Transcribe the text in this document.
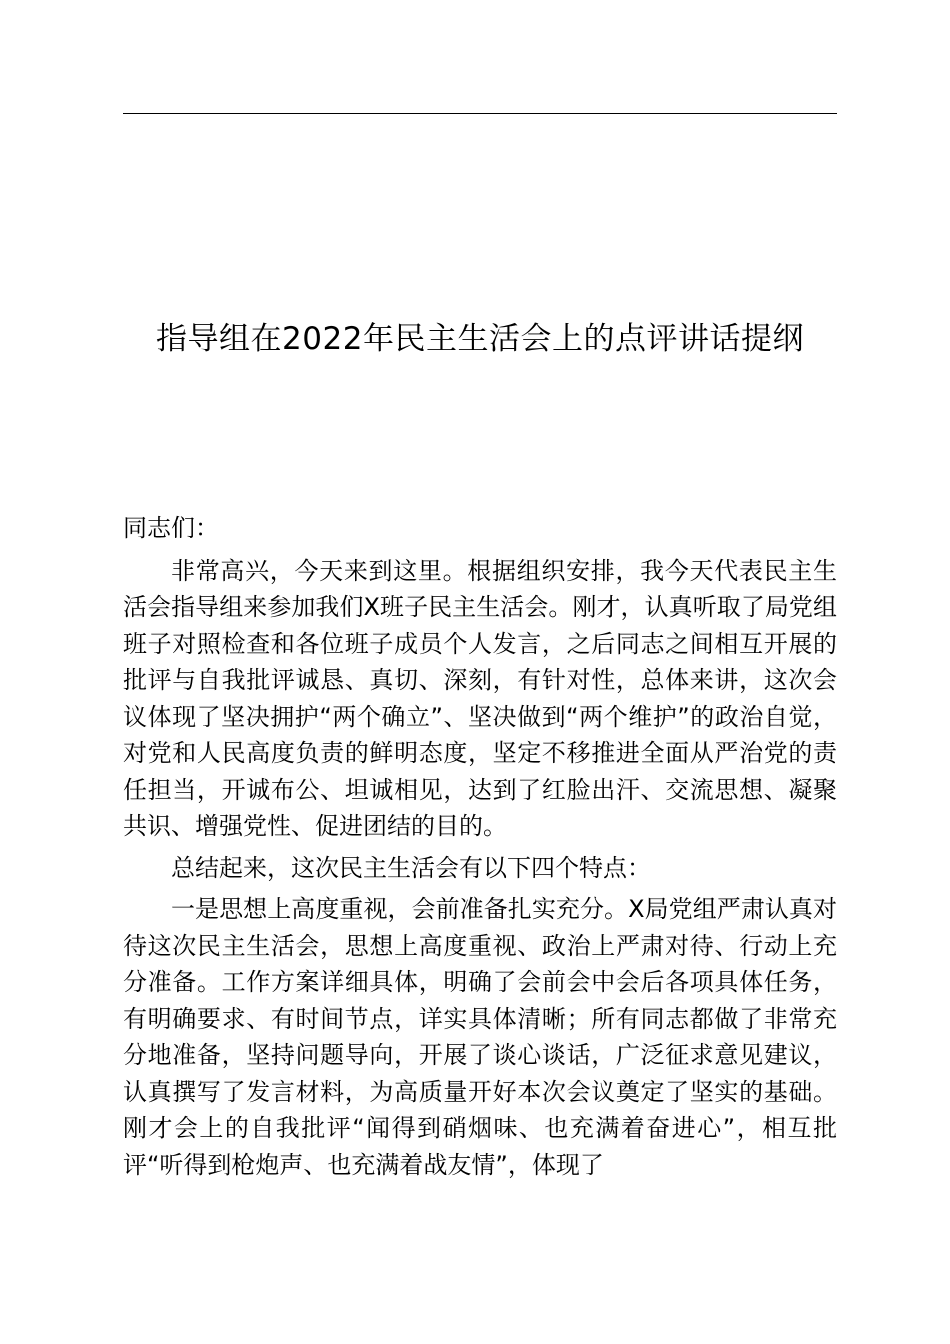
指导组在2022年民主生活会上的点评讲话提纲

同志们：

非常高兴，今天来到这里。根据组织安排，我今天代表民主生活会指导组来参加我们X班子民主生活会。刚才，认真听取了局党组班子对照检查和各位班子成员个人发言，之后同志之间相互开展的批评与自我批评诚恳、真切、深刻，有针对性，总体来讲，这次会议体现了坚决拥护“两个确立”、坚决做到“两个维护”的政治自觉，对党和人民高度负责的鲜明态度，坚定不移推进全面从严治党的责任担当，开诚布公、坦诚相见，达到了红脸出汗、交流思想、凝聚共识、增强党性、促进团结的目的。

总结起来，这次民主生活会有以下四个特点：

一是思想上高度重视，会前准备扎实充分。X局党组严肃认真对待这次民主生活会，思想上高度重视、政治上严肃对待、行动上充分准备。工作方案详细具体，明确了会前会中会后各项具体任务，有明确要求、有时间节点，详实具体清晰；所有同志都做了非常充分地准备，坚持问题导向，开展了谈心谈话，广泛征求意见建议，认真撰写了发言材料，为高质量开好本次会议奠定了坚实的基础。刚才会上的自我批评“闻得到硝烟味、也充满着奋进心”，相互批评“听得到枪炮声、也充满着战友情”，体现了
